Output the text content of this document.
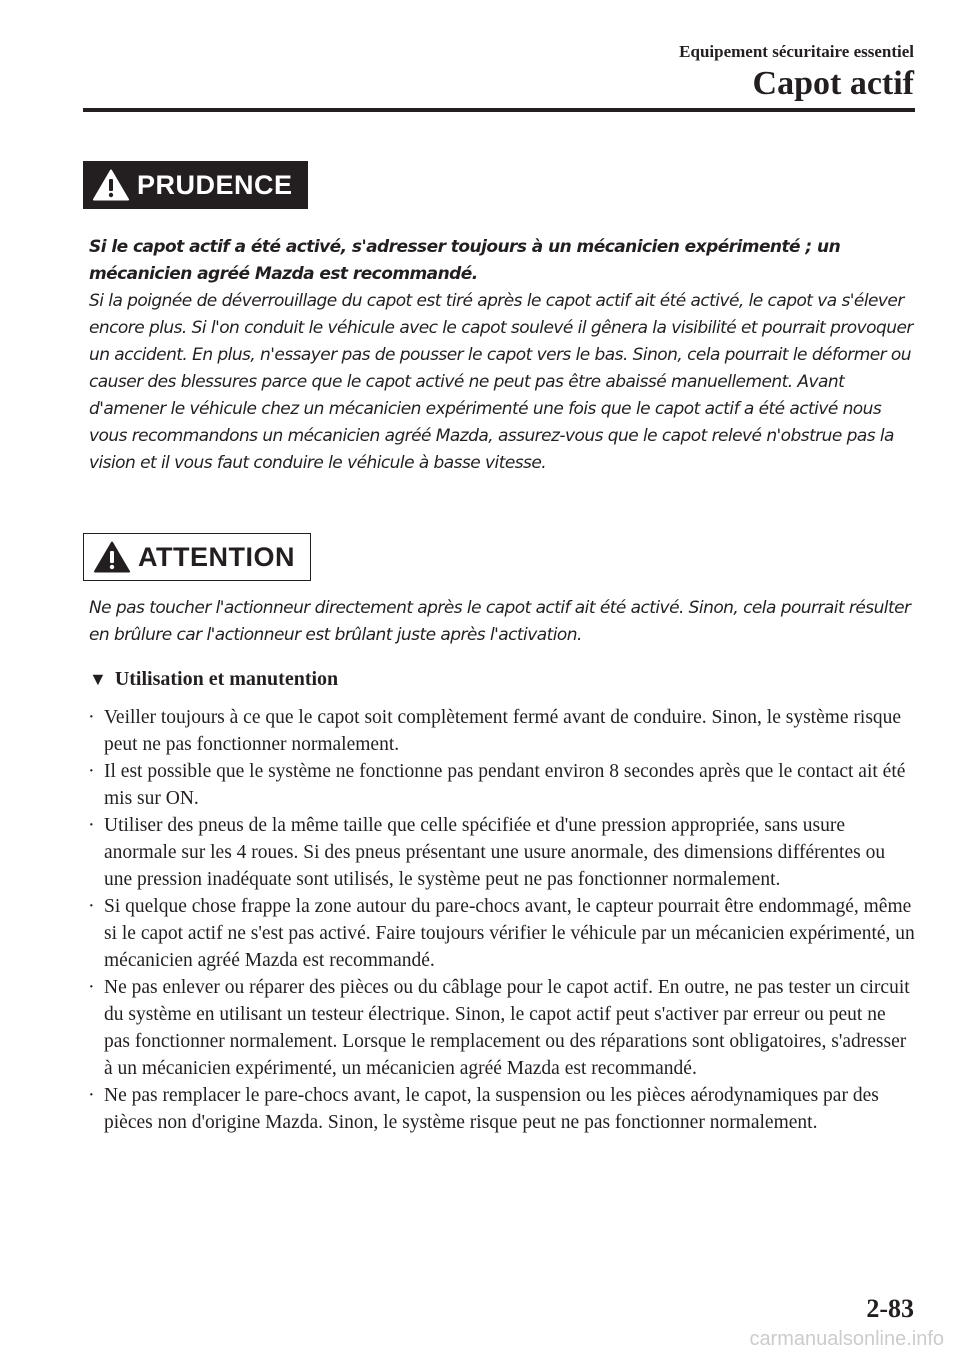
Equipement sécuritaire essentiel
Capot actif
PRUDENCE

Si le capot actif a été activé, s'adresser toujours à un mécanicien expérimenté ; un mécanicien agréé Mazda est recommandé.

Si la poignée de déverrouillage du capot est tiré après le capot actif ait été activé, le capot va s'élever encore plus. Si l'on conduit le véhicule avec le capot soulevé il gênera la visibilité et pourrait provoquer un accident. En plus, n'essayer pas de pousser le capot vers le bas. Sinon, cela pourrait le déformer ou causer des blessures parce que le capot activé ne peut pas être abaissé manuellement. Avant d'amener le véhicule chez un mécanicien expérimenté une fois que le capot actif a été activé nous vous recommandons un mécanicien agréé Mazda, assurez-vous que le capot relevé n'obstrue pas la vision et il vous faut conduire le véhicule à basse vitesse.

ATTENTION

Ne pas toucher l'actionneur directement après le capot actif ait été activé. Sinon, cela pourrait résulter en brûlure car l'actionneur est brûlant juste après l'activation.

▼ Utilisation et manutention
· Veiller toujours à ce que le capot soit complètement fermé avant de conduire. Sinon, le système risque peut ne pas fonctionner normalement.
· Il est possible que le système ne fonctionne pas pendant environ 8 secondes après que le contact ait été mis sur ON.
· Utiliser des pneus de la même taille que celle spécifiée et d'une pression appropriée, sans usure anormale sur les 4 roues. Si des pneus présentant une usure anormale, des dimensions différentes ou une pression inadéquate sont utilisés, le système peut ne pas fonctionner normalement.
· Si quelque chose frappe la zone autour du pare-chocs avant, le capteur pourrait être endommagé, même si le capot actif ne s'est pas activé. Faire toujours vérifier le véhicule par un mécanicien expérimenté, un mécanicien agréé Mazda est recommandé.
· Ne pas enlever ou réparer des pièces ou du câblage pour le capot actif. En outre, ne pas tester un circuit du système en utilisant un testeur électrique. Sinon, le capot actif peut s'activer par erreur ou peut ne pas fonctionner normalement. Lorsque le remplacement ou des réparations sont obligatoires, s'adresser à un mécanicien expérimenté, un mécanicien agréé Mazda est recommandé.
· Ne pas remplacer le pare-chocs avant, le capot, la suspension ou les pièces aérodynamiques par des pièces non d'origine Mazda. Sinon, le système risque peut ne pas fonctionner normalement.
2-83
carmanualsonline.info
